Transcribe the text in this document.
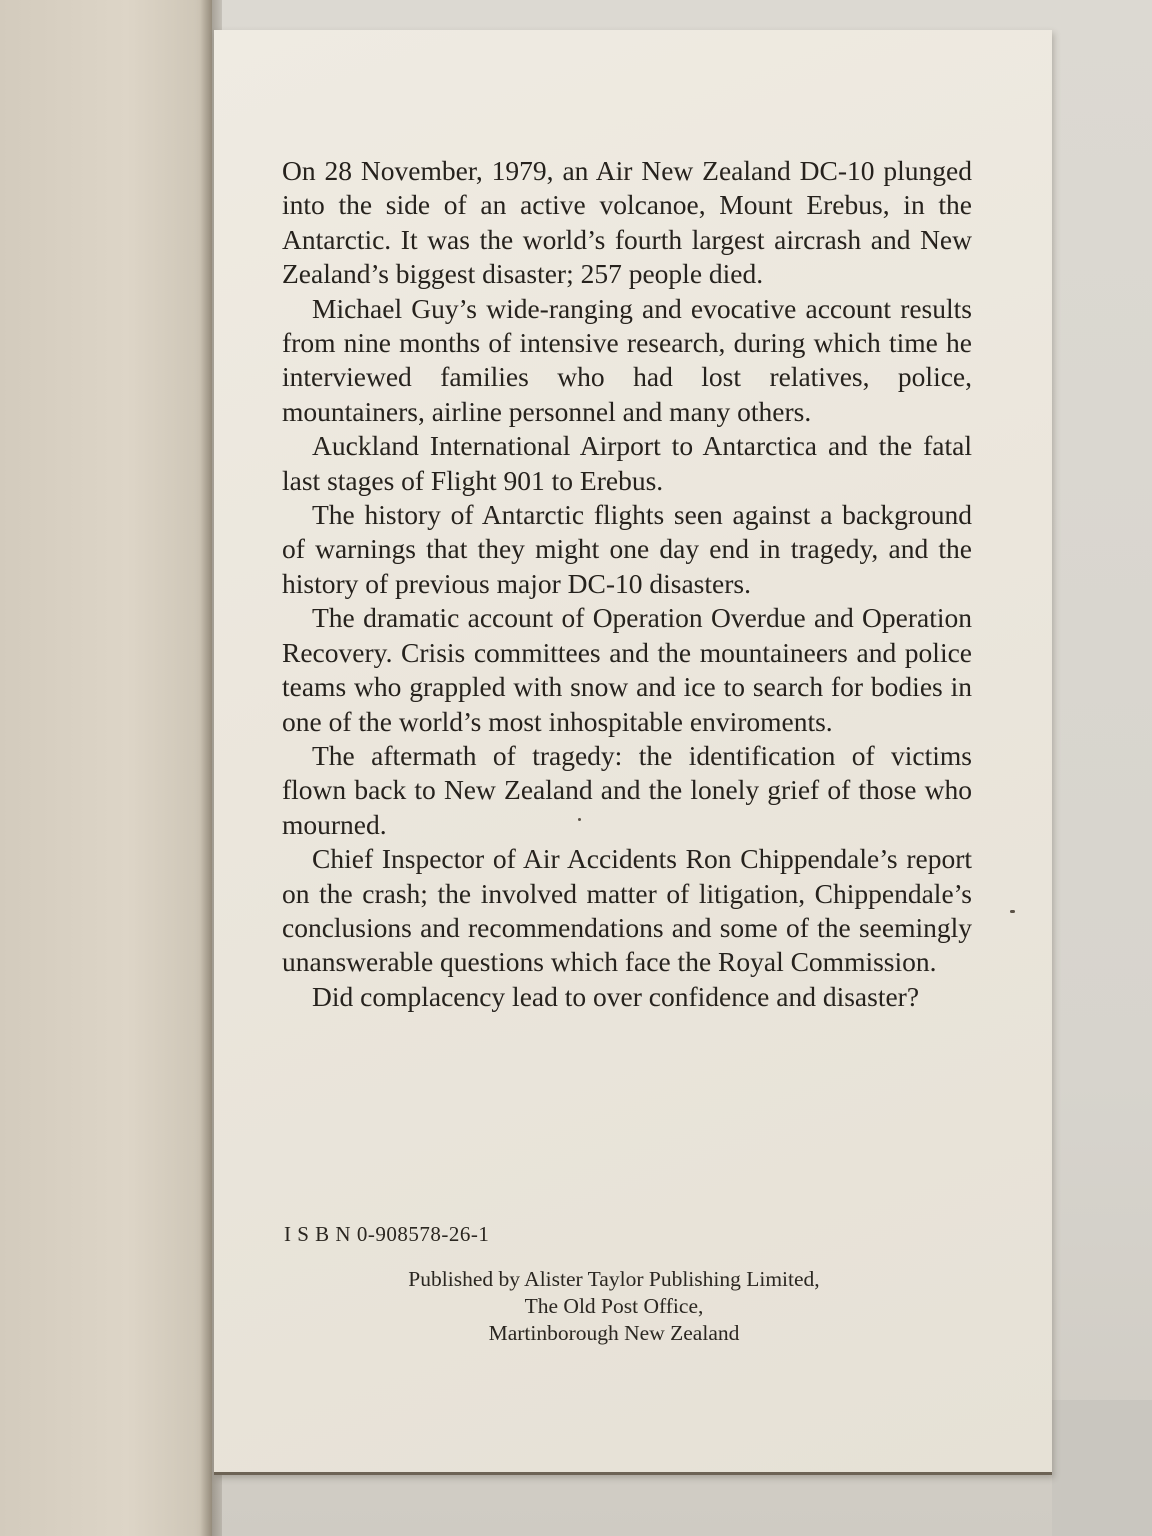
On 28 November, 1979, an Air New Zealand DC-10 plunged into the side of an active volcanoe, Mount Erebus, in the Antarctic. It was the world’s fourth largest aircrash and New Zealand’s biggest disaster; 257 people died.

Michael Guy’s wide-ranging and evocative account results from nine months of intensive research, during which time he interviewed families who had lost relatives, police, mountainers, airline personnel and many others.

Auckland International Airport to Antarctica and the fatal last stages of Flight 901 to Erebus.

The history of Antarctic flights seen against a background of warnings that they might one day end in tragedy, and the history of previous major DC-10 disasters.

The dramatic account of Operation Overdue and Operation Recovery. Crisis committees and the mountaineers and police teams who grappled with snow and ice to search for bodies in one of the world’s most inhospitable enviroments.

The aftermath of tragedy: the identification of victims flown back to New Zealand and the lonely grief of those who mourned.

Chief Inspector of Air Accidents Ron Chippendale’s report on the crash; the involved matter of litigation, Chippendale’s conclusions and recommendations and some of the seemingly unanswerable questions which face the Royal Commission.

Did complacency lead to over confidence and disaster?

I S B N 0-908578-26-1
Published by Alister Taylor Publishing Limited,
The Old Post Office,
Martinborough New Zealand
